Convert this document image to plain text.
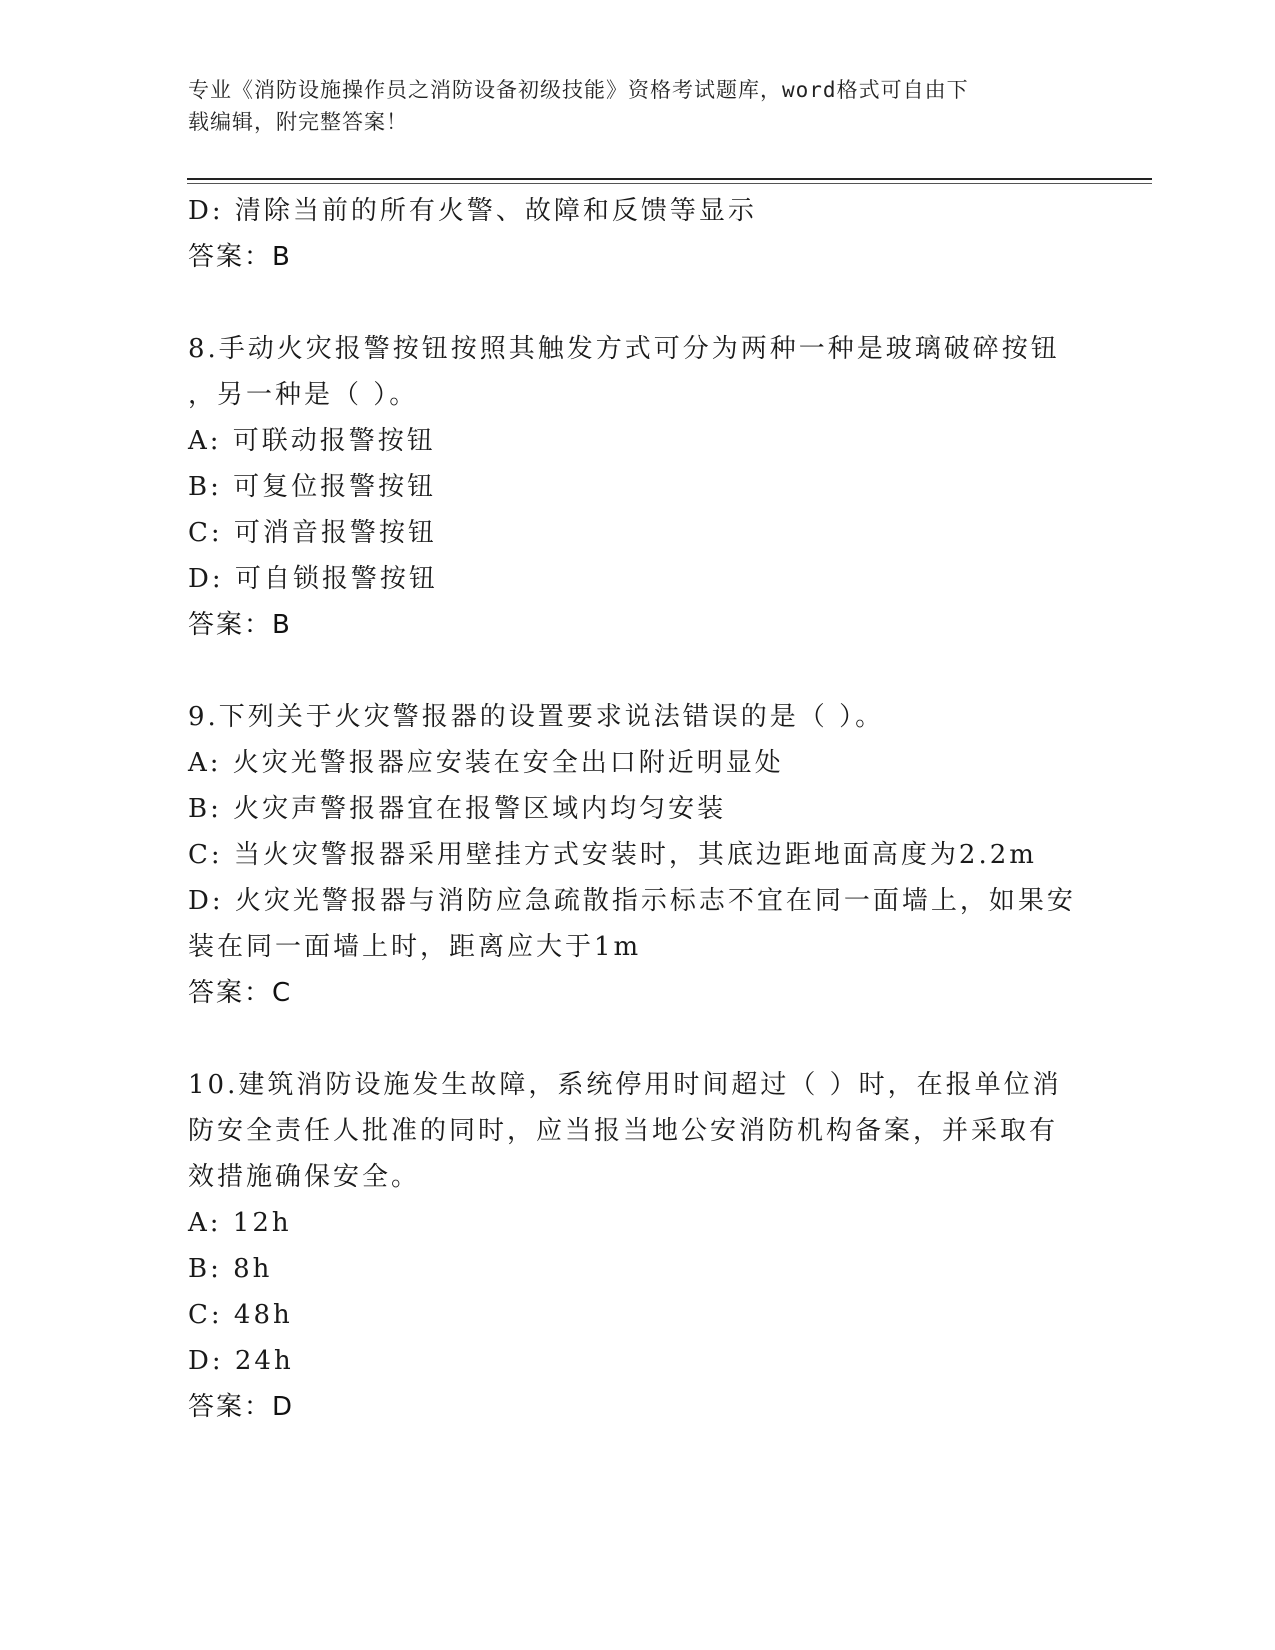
专业《消防设施操作员之消防设备初级技能》资格考试题库，word格式可自由下
载编辑，附完整答案！
D: 清除当前的所有火警、故障和反馈等显示
答案：B
8.手动火灾报警按钮按照其触发方式可分为两种一种是玻璃破碎按钮
，另一种是（ ）。
A: 可联动报警按钮
B: 可复位报警按钮
C: 可消音报警按钮
D: 可自锁报警按钮
答案：B
9.下列关于火灾警报器的设置要求说法错误的是（ ）。
A: 火灾光警报器应安装在安全出口附近明显处
B: 火灾声警报器宜在报警区域内均匀安装
C: 当火灾警报器采用壁挂方式安装时，其底边距地面高度为2.2m
D: 火灾光警报器与消防应急疏散指示标志不宜在同一面墙上，如果安
装在同一面墙上时，距离应大于1m
答案：C
10.建筑消防设施发生故障，系统停用时间超过（ ）时，在报单位消
防安全责任人批准的同时，应当报当地公安消防机构备案，并采取有
效措施确保安全。
A: 12h
B: 8h
C: 48h
D: 24h
答案：D
